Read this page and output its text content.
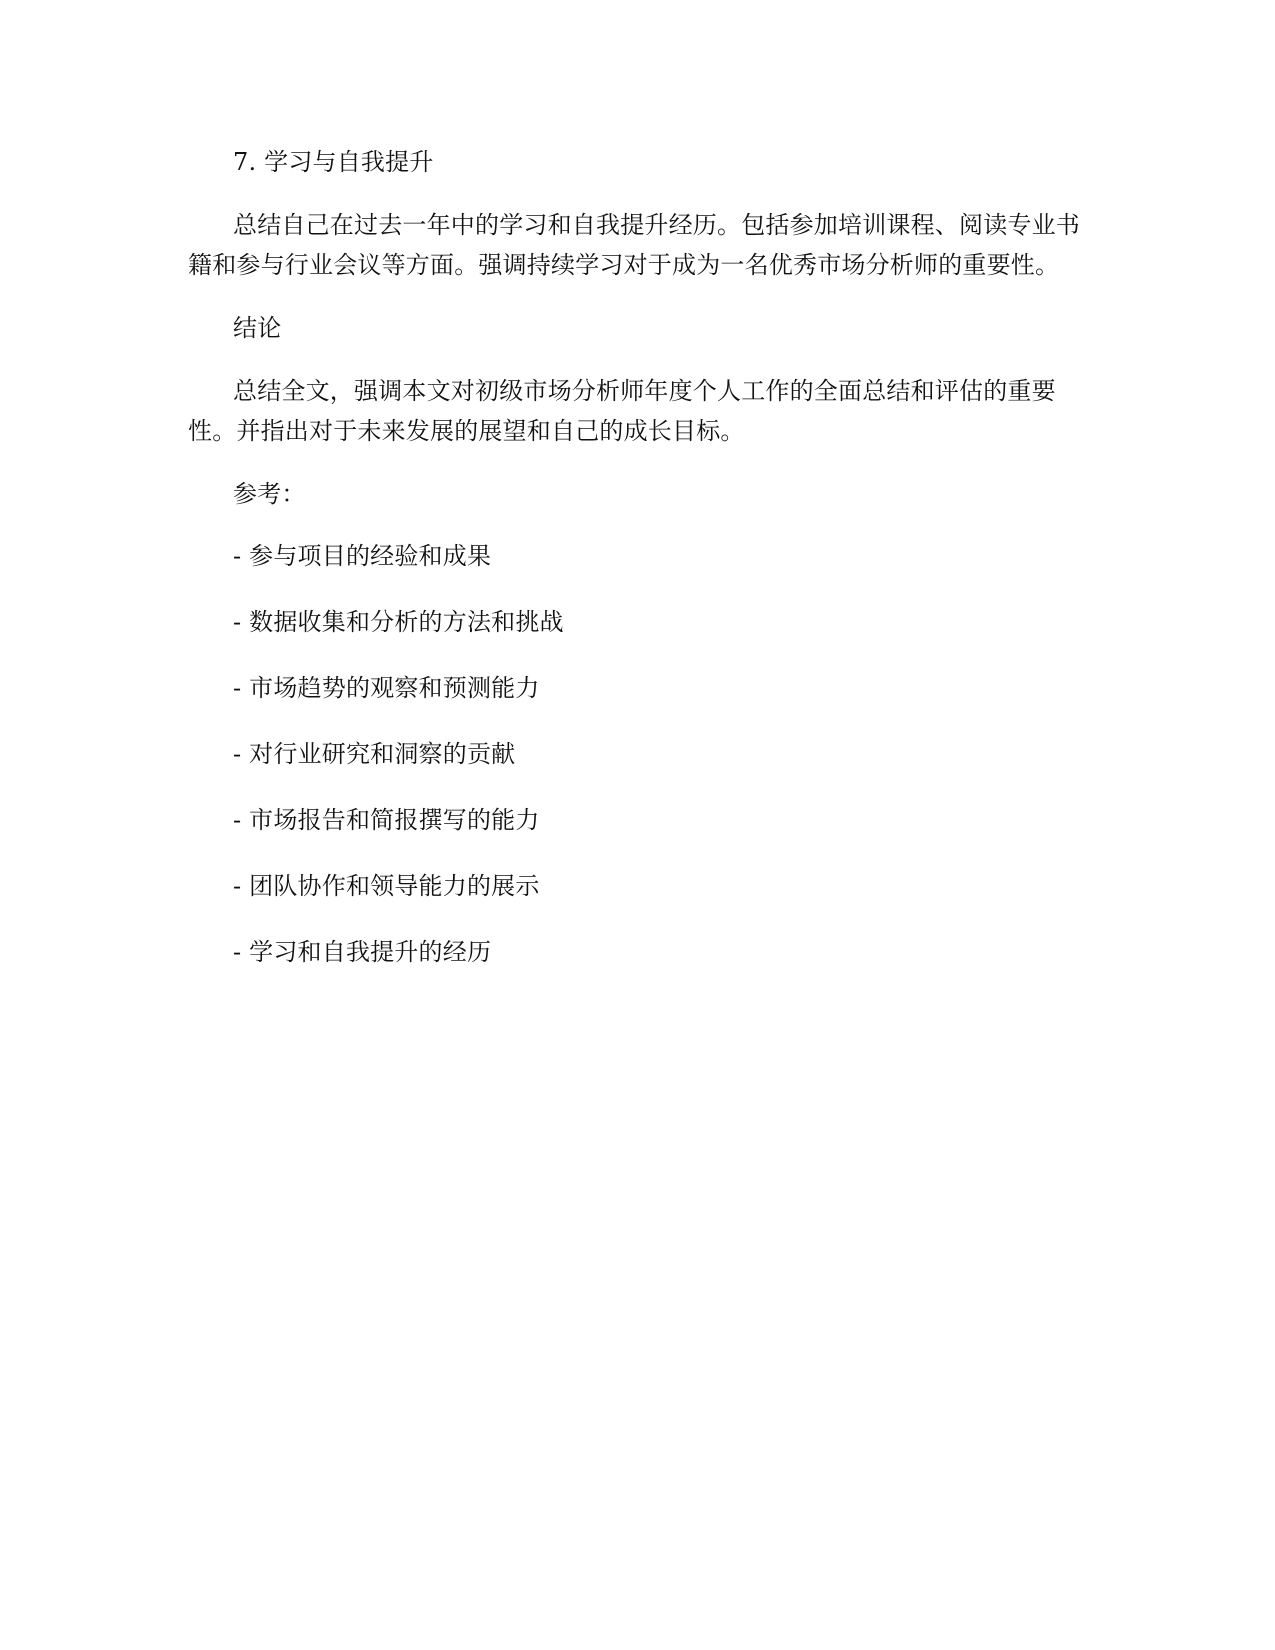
7. 学习与自我提升

总结自己在过去一年中的学习和自我提升经历。包括参加培训课程、阅读专业书籍和参与行业会议等方面。强调持续学习对于成为一名优秀市场分析师的重要性。

结论

总结全文，强调本文对初级市场分析师年度个人工作的全面总结和评估的重要性。并指出对于未来发展的展望和自己的成长目标。

参考：

- 参与项目的经验和成果
- 数据收集和分析的方法和挑战
- 市场趋势的观察和预测能力
- 对行业研究和洞察的贡献
- 市场报告和简报撰写的能力
- 团队协作和领导能力的展示
- 学习和自我提升的经历
